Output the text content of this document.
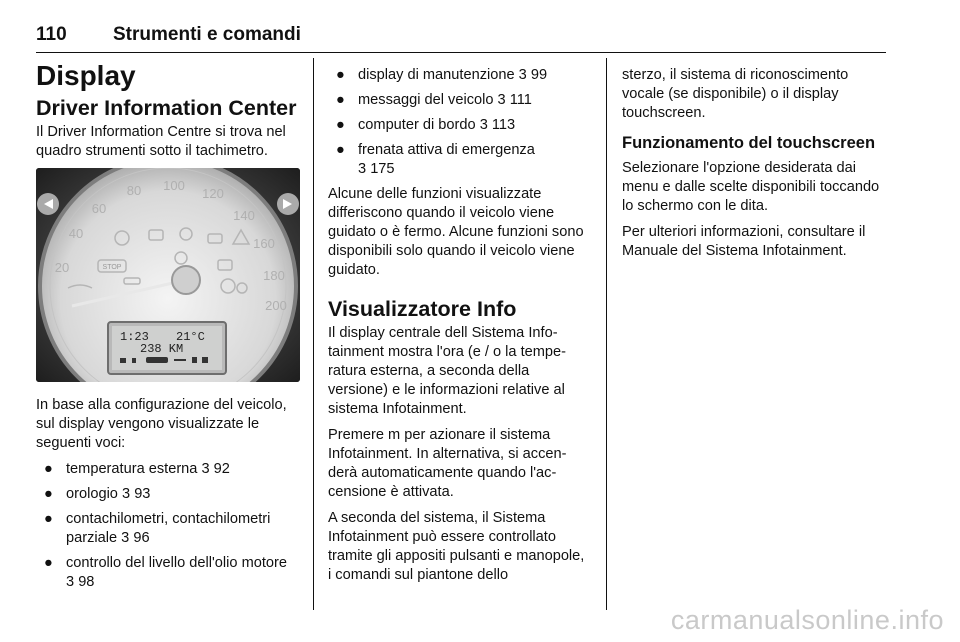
110 Strumenti e comandi
Display
Driver Information Center

Il Driver Information Centre si trova nel quadro strumenti sotto il tachimetro.

20
40
60
80 100
120
140
160
180
200
STOP
1:23 21°C
238 KM

In base alla configurazione del veicolo, sul display vengono visualizzate le seguenti voci:

● temperatura esterna 3 92
● orologio 3 93
● contachilometri, contachilometri parziale 3 96
● controllo del livello dell'olio motore 3 98
● display di manutenzione 3 99
● messaggi del veicolo 3 111
● computer di bordo 3 113
● frenata attiva di emergenza
3 175

Alcune delle funzioni visualizzate differiscono quando il veicolo viene guidato o è fermo. Alcune funzioni sono disponibili solo quando il veicolo viene guidato.

Visualizzatore Info

Il display centrale dell Sistema Infotainment mostra l'ora (e / o la temperatura esterna, a seconda della versione) e le informazioni relative al sistema Infotainment.

Premere m per azionare il sistema Infotainment. In alternativa, si accenderà automaticamente quando l'accensione è attivata.

A seconda del sistema, il Sistema Infotainment può essere controllato tramite gli appositi pulsanti e manopole, i comandi sul piantone dello

sterzo, il sistema di riconoscimento vocale (se disponibile) o il display touchscreen.

Funzionamento del touchscreen

Selezionare l'opzione desiderata dai menu e dalle scelte disponibili toccando lo schermo con le dita.

Per ulteriori informazioni, consultare il Manuale del Sistema Infotainment.

carmanualsonline.info
